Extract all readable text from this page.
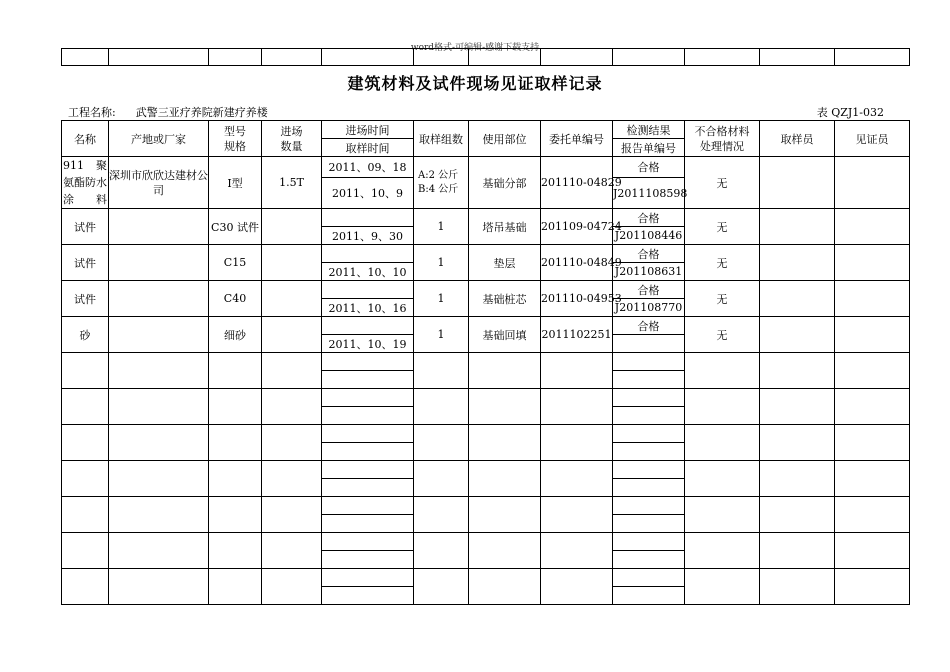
word格式-可编辑-感谢下载支持

建筑材料及试件现场见证取样记录
工程名称: 武警三亚疗养院新建疗养楼	表 QZJ1-032
名称	产地或厂家	型号规格	进场数量	进场时间	取样组数	使用部位	委托单编号	检测结果	不合格材料处理情况	取样员	见证员
				取样时间				报告单编号			
911 聚氨酯防水涂料	深圳市欣欣达建材公司	Ⅰ型	1.5T	2011、09、18	A:2 公斤
B:4 公斤	基础分部	201110-04829	合格	无		
				2011、10、9				J2011108598			
试件		C30 试件			1	塔吊基础	201109-04724	合格	无		
				2011、9、30				J201108446			
试件		C15			1	垫层	201110-04849	合格	无		
				2011、10、10				J201108631			
试件		C40			1	基础桩芯	201110-04953	合格	无		
				2011、10、16				J201108770			
砂		细砂			1	基础回填	2011102251	合格	无		
				2011、10、19							
